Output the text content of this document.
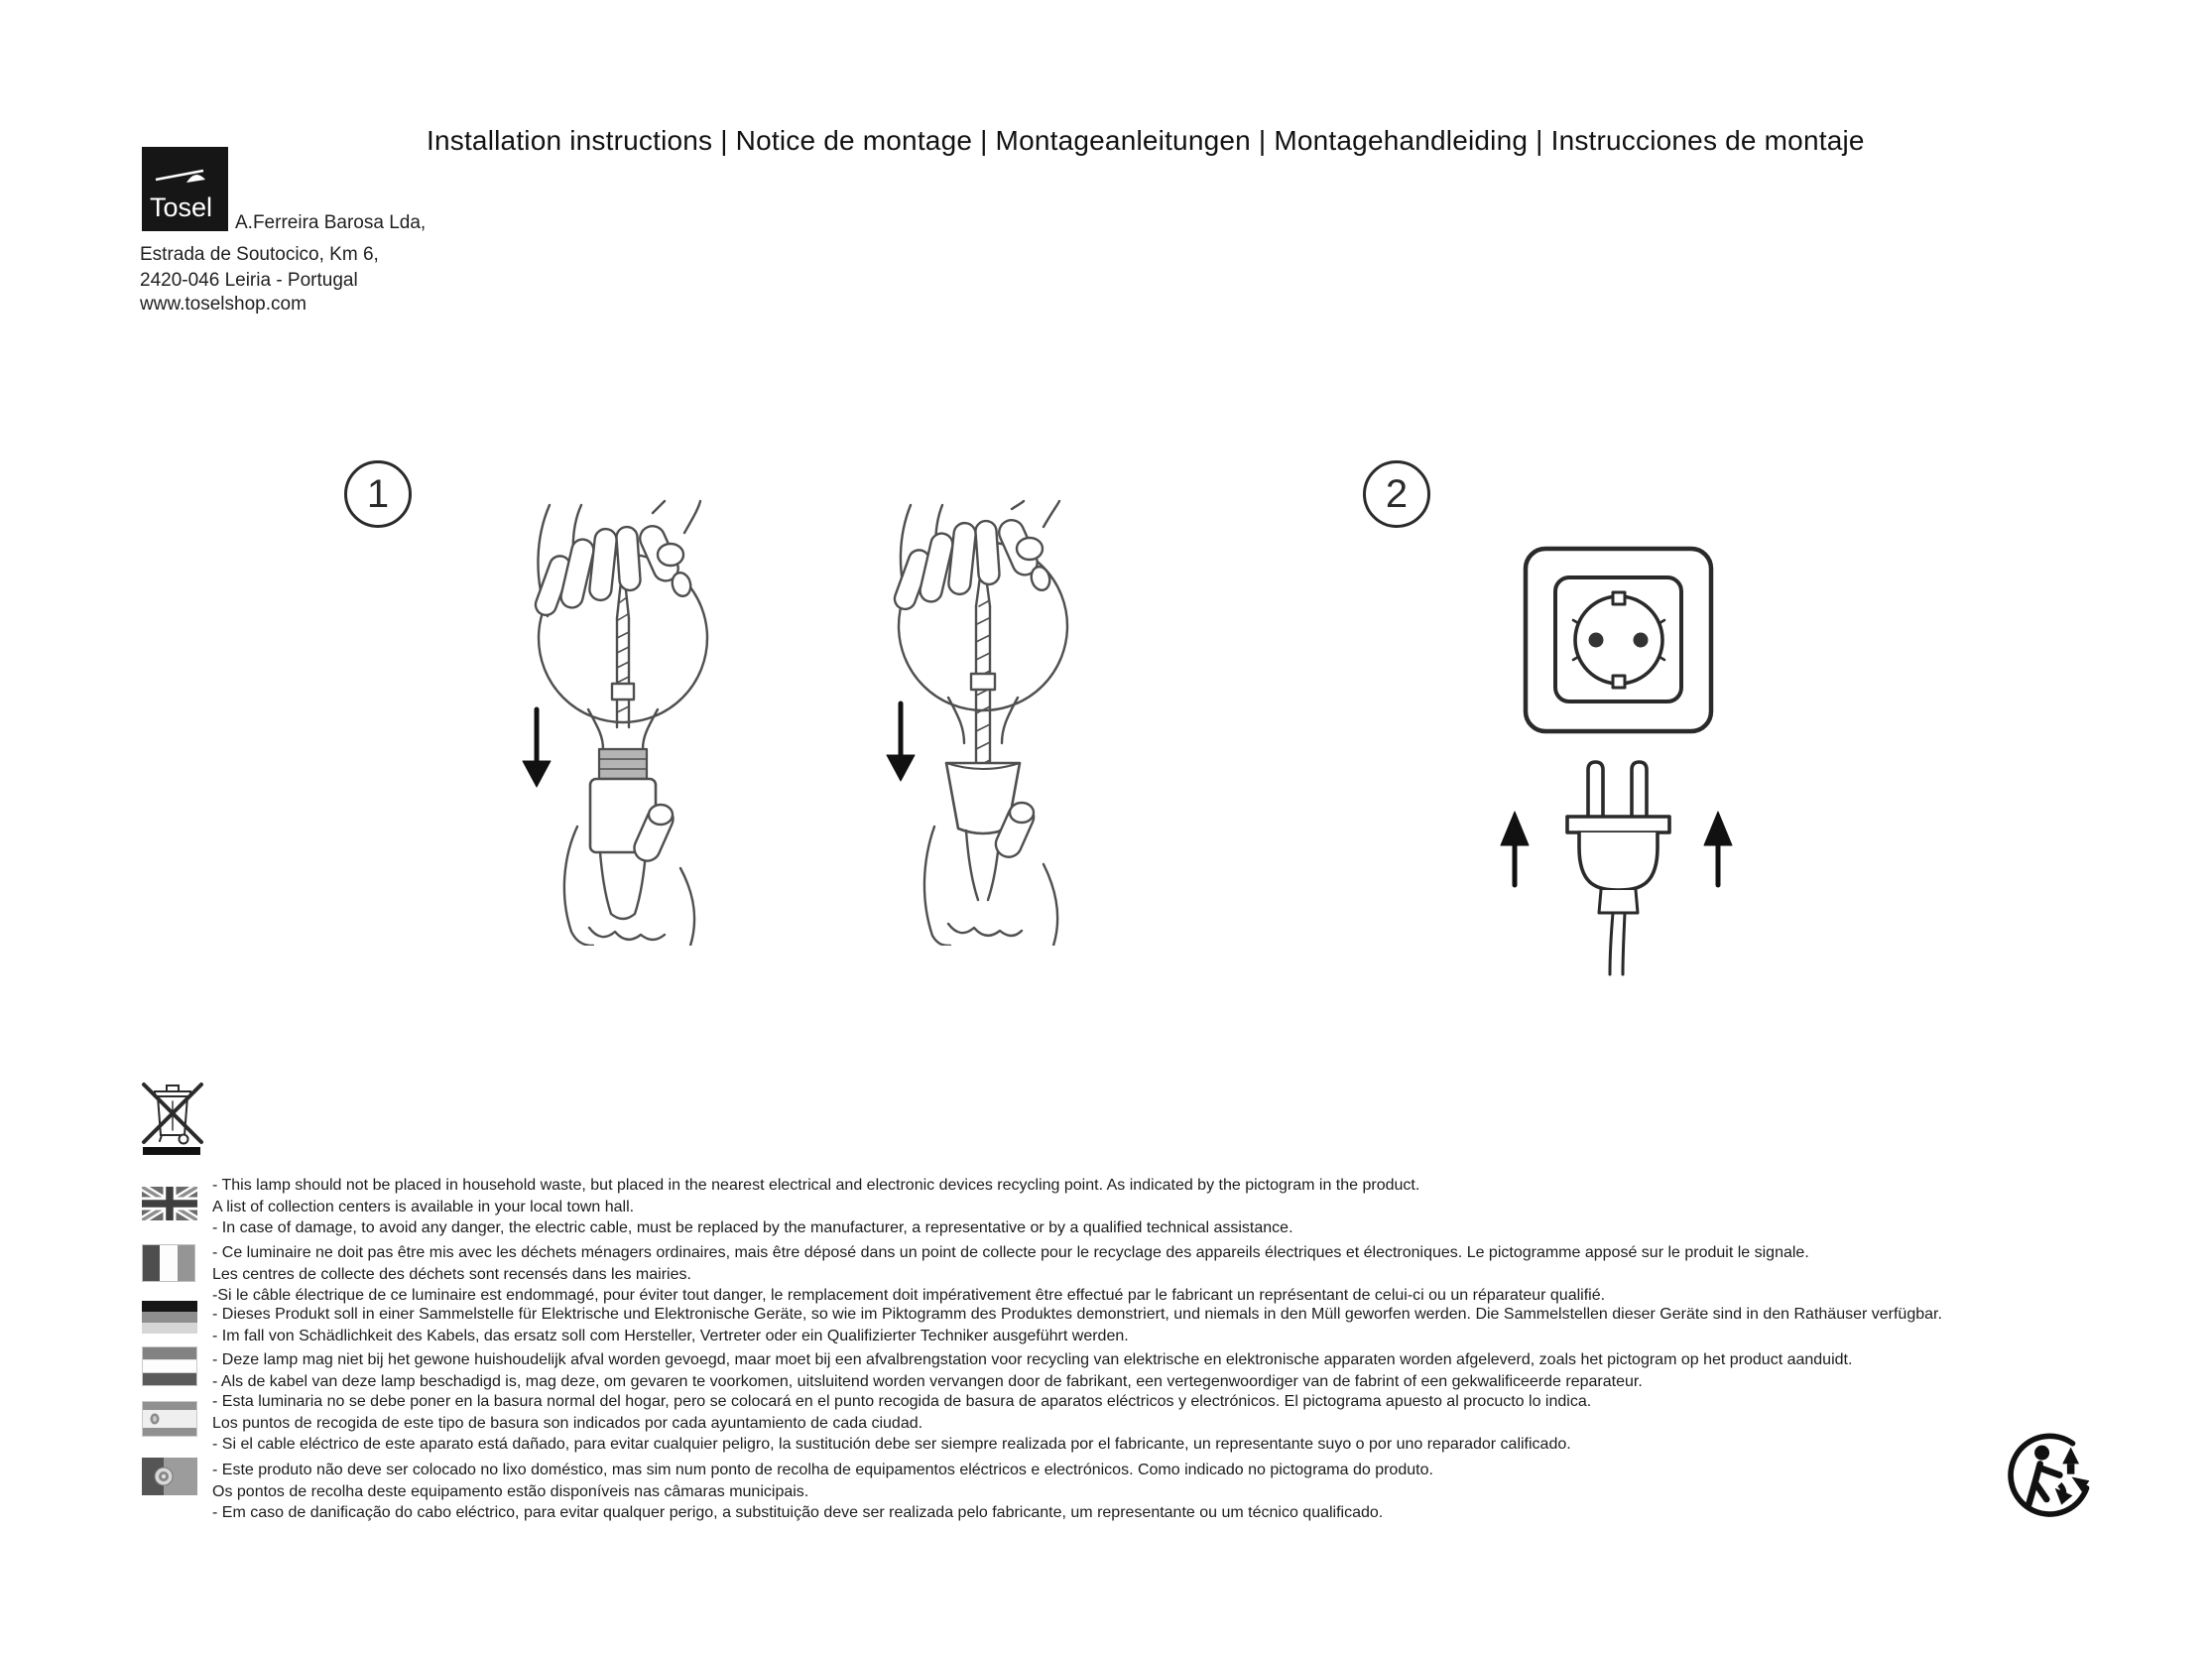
Installation instructions | Notice de montage | Montageanleitungen | Montagehandleiding | Instrucciones de montaje
Tosel
A.Ferreira Barosa Lda,
Estrada de Soutocico, Km 6,
2420-046 Leiria - Portugal
www.toselshop.com
1	2
- This lamp should not be placed in household waste, but placed in the nearest electrical and electronic devices recycling point. As indicated by the pictogram in the product.
A list of collection centers is available in your local town hall.
- In case of damage, to avoid any danger, the electric cable, must be replaced by the manufacturer, a representative or by a qualified technical assistance.
- Ce luminaire ne doit pas être mis avec les déchets ménagers ordinaires, mais être déposé dans un point de collecte pour le recyclage des appareils électriques et électroniques. Le pictogramme apposé sur le produit le signale.
Les centres de collecte des déchets sont recensés dans les mairies.
-Si le câble électrique de ce luminaire est endommagé, pour éviter tout danger, le remplacement doit impérativement être effectué par le fabricant un représentant de celui-ci ou un réparateur qualifié.
- Dieses Produkt soll in einer Sammelstelle für Elektrische und Elektronische Geräte, so wie im Piktogramm des Produktes demonstriert, und niemals in den Müll geworfen werden. Die Sammelstellen dieser Geräte sind in den Rathäuser verfügbar.
- Im fall von Schädlichkeit des Kabels, das ersatz soll com Hersteller, Vertreter oder ein Qualifizierter Techniker ausgeführt werden.
- Deze lamp mag niet bij het gewone huishoudelijk afval worden gevoegd, maar moet bij een afvalbrengstation voor recycling van elektrische en elektronische apparaten worden afgeleverd, zoals het pictogram op het product aanduidt.
- Als de kabel van deze lamp beschadigd is, mag deze, om gevaren te voorkomen, uitsluitend worden vervangen door de fabrikant, een vertegenwoordiger van de fabrint of een gekwalificeerde reparateur.
- Esta luminaria no se debe poner en la basura normal del hogar, pero se colocará en el punto recogida de basura de aparatos eléctricos y electrónicos. El pictograma apuesto al procucto lo indica.
Los puntos de recogida de este tipo de basura son indicados por cada ayuntamiento de cada ciudad.
- Si el cable eléctrico de este aparato está dañado, para evitar cualquier peligro, la sustitución debe ser siempre realizada por el fabricante, un representante suyo o por uno reparador calificado.
- Este produto não deve ser colocado no lixo doméstico, mas sim num ponto de recolha de equipamentos eléctricos e electrónicos. Como indicado no pictograma do produto.
Os pontos de recolha deste equipamento estão disponíveis nas câmaras municipais.
- Em caso de danificação do cabo eléctrico, para evitar qualquer perigo, a substituição deve ser realizada pelo fabricante, um representante ou um técnico qualificado.
